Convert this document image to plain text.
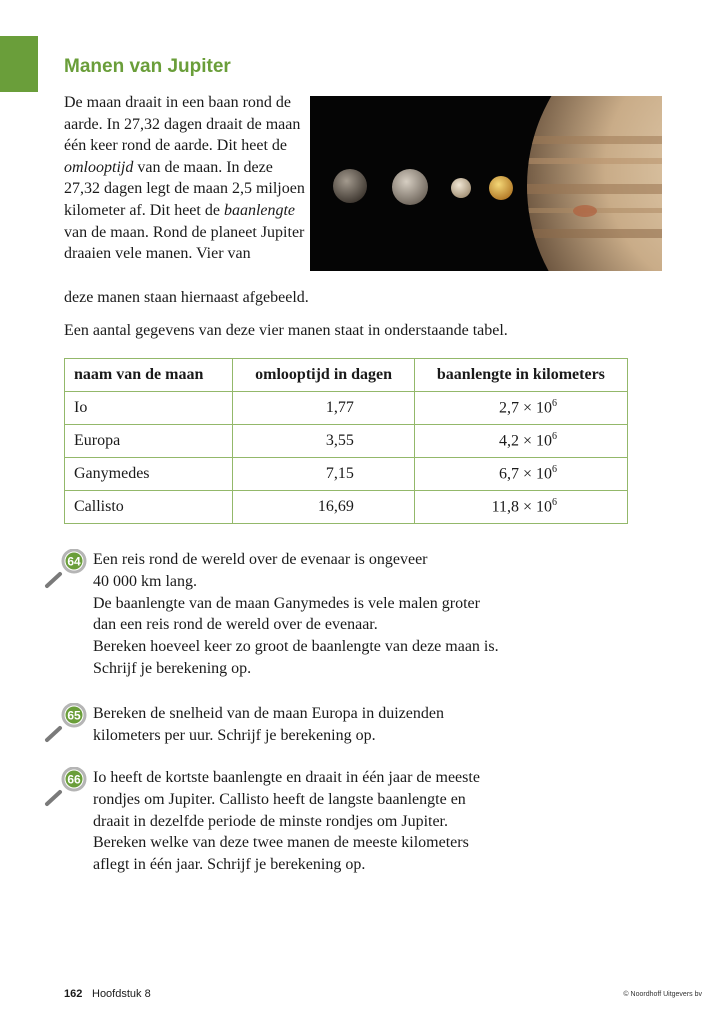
Manen van Jupiter
De maan draait in een baan rond de aarde. In 27,32 dagen draait de maan één keer rond de aarde. Dit heet de omlooptijd van de maan. In deze 27,32 dagen legt de maan 2,5 miljoen kilometer af. Dit heet de baanlengte van de maan. Rond de planeet Jupiter draaien vele manen. Vier van
deze manen staan hiernaast afgebeeld.
Een aantal gegevens van deze vier manen staat in onderstaande tabel.
naam van de maan	omlooptijd in dagen	baanlengte in kilometers
Io	1,77	$2,7 \times 10^6$
Europa	3,55	$4,2 \times 10^6$
Ganymedes	7,15	$6,7 \times 10^6$
Callisto	16,69	$11,8 \times 10^6$
64 Een reis rond de wereld over de evenaar is ongeveer
40 000 km lang.
De baanlengte van de maan Ganymedes is vele malen groter
dan een reis rond de wereld over de evenaar.
Bereken hoeveel keer zo groot de baanlengte van deze maan is.
Schrijf je berekening op.
65 Bereken de snelheid van de maan Europa in duizenden
kilometers per uur. Schrijf je berekening op.
66 Io heeft de kortste baanlengte en draait in één jaar de meeste
rondjes om Jupiter. Callisto heeft de langste baanlengte en
draait in dezelfde periode de minste rondjes om Jupiter.
Bereken welke van deze twee manen de meeste kilometers
aflegt in één jaar. Schrijf je berekening op.
162 Hoofdstuk 8	© Noordhoff Uitgevers bv
